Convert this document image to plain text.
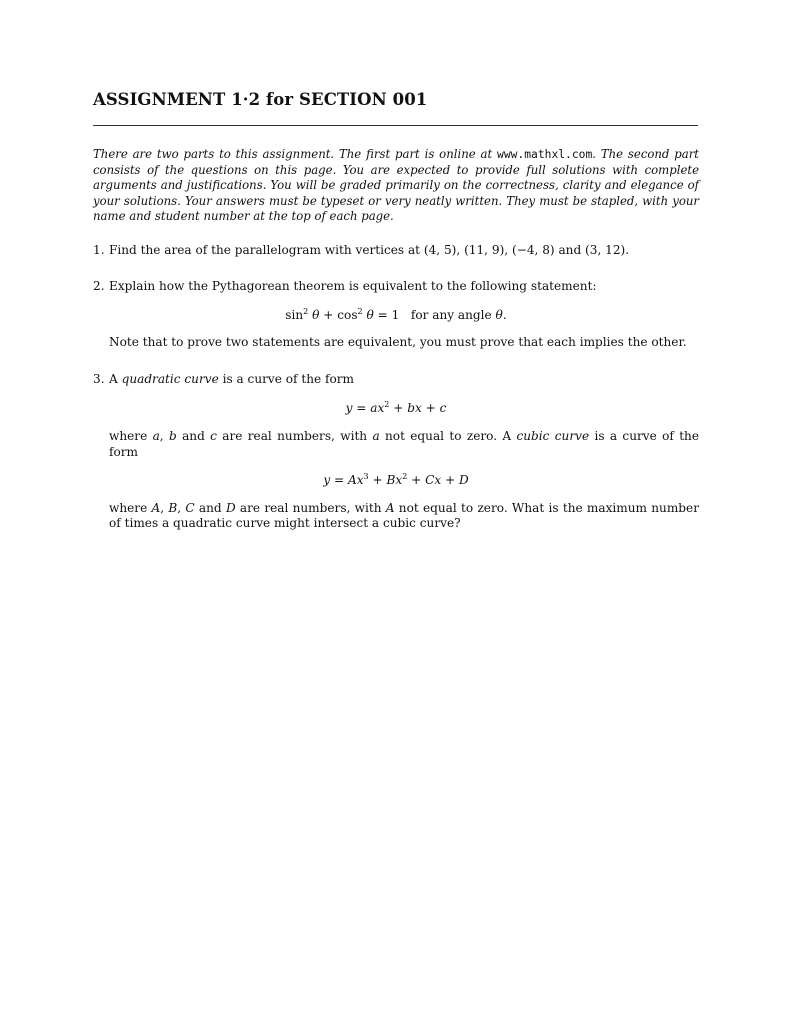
ASSIGNMENT 1·2 for SECTION 001
There are two parts to this assignment. The first part is online at www.mathxl.com. The second part consists of the questions on this page. You are expected to provide full solutions with complete arguments and justifications. You will be graded primarily on the correctness, clarity and elegance of your solutions. Your answers must be typeset or very neatly written. They must be stapled, with your name and student number at the top of each page.
1. Find the area of the parallelogram with vertices at (4, 5), (11, 9), (−4, 8) and (3, 12).
2. Explain how the Pythagorean theorem is equivalent to the following statement:
$\sin^2 \theta + \cos^2 \theta = 1$ for any angle θ.
Note that to prove two statements are equivalent, you must prove that each implies the other.
3. A quadratic curve is a curve of the form
$y = ax^2$ + bx + c
where a, b and c are real numbers, with a not equal to zero. A cubic curve is a curve of the form
$y = Ax^3 + Bx^2 + Cx + D$
where A, B, C and D are real numbers, with A not equal to zero. What is the maximum number of times a quadratic curve might intersect a cubic curve?
